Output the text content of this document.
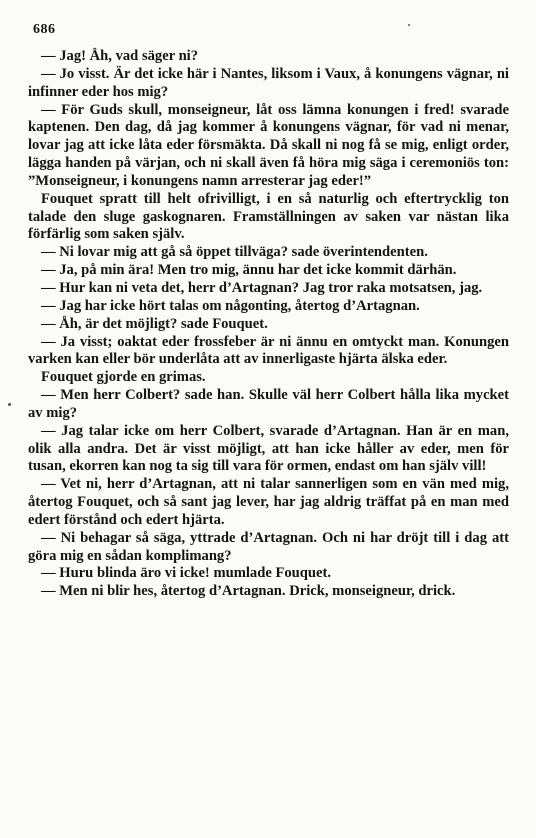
686

— Jag! Åh, vad säger ni?

— Jo visst. Är det icke här i Nantes, liksom i Vaux, å konungens vägnar, ni infinner eder hos mig?

— För Guds skull, monseigneur, låt oss lämna konungen i fred! svarade kaptenen. Den dag, då jag kommer å konungens vägnar, för vad ni menar, lovar jag att icke låta eder försmäkta. Då skall ni nog få se mig, enligt order, lägga handen på värjan, och ni skall även få höra mig säga i ceremoniös ton: ”Monseigneur, i konungens namn arresterar jag eder!”

Fouquet spratt till helt ofrivilligt, i en så naturlig och eftertrycklig ton talade den sluge gaskognaren. Framställningen av saken var nästan lika förfärlig som saken själv.

— Ni lovar mig att gå så öppet tillväga? sade överintendenten.

— Ja, på min ära! Men tro mig, ännu har det icke kommit därhän.

— Hur kan ni veta det, herr d’Artagnan? Jag tror raka motsatsen, jag.

— Jag har icke hört talas om någonting, återtog d’Artagnan.

— Åh, är det möjligt? sade Fouquet.

— Ja visst; oaktat eder frossfeber är ni ännu en omtyckt man. Konungen varken kan eller bör underlåta att av innerligaste hjärta älska eder.

Fouquet gjorde en grimas.

— Men herr Colbert? sade han. Skulle väl herr Colbert hålla lika mycket av mig?

— Jag talar icke om herr Colbert, svarade d’Artagnan. Han är en man, olik alla andra. Det är visst möjligt, att han icke håller av eder, men för tusan, ekorren kan nog ta sig till vara för ormen, endast om han själv vill!

— Vet ni, herr d’Artagnan, att ni talar sannerligen som en vän med mig, återtog Fouquet, och så sant jag lever, har jag aldrig träffat på en man med edert förstånd och edert hjärta.

— Ni behagar så säga, yttrade d’Artagnan. Och ni har dröjt till i dag att göra mig en sådan komplimang?

— Huru blinda äro vi icke! mumlade Fouquet.

— Men ni blir hes, återtog d’Artagnan. Drick, monseigneur, drick.
